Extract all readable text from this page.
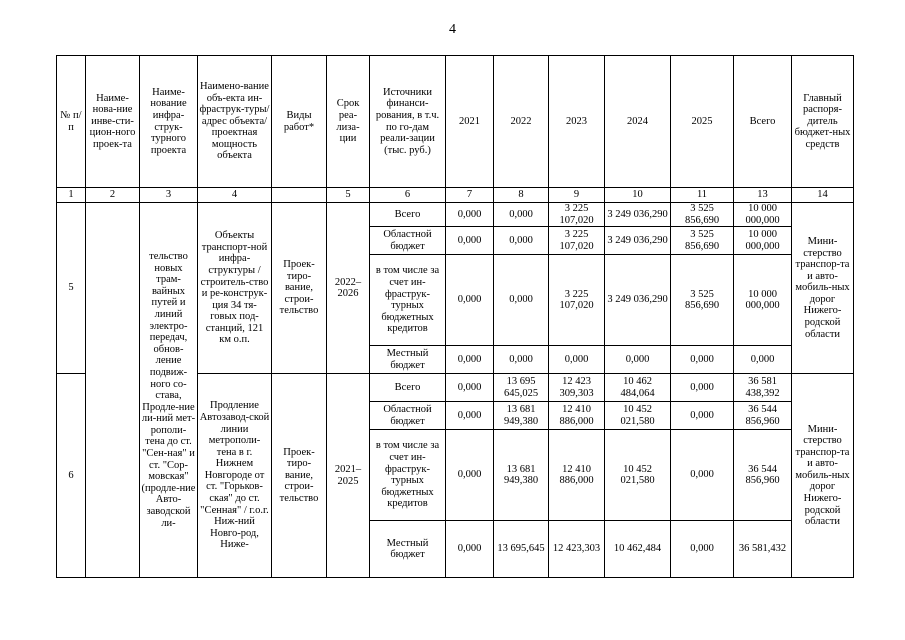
4
№ п/п	Наиме-нова-ние инве-сти-цион-ного проек-та	Наиме-нование инфра-струк-турного проекта	Наимено-вание объ-екта ин-фраструк-туры/ адрес объекта/ проектная мощность объекта	Виды работ*	Срок реа-лиза-ции	Источники финанси-рования, в т.ч. по го-дам реали-зации (тыс. руб.)	2021	2022	2023	2024	2025	Всего	Главный распоря-дитель бюджет-ных средств
1	2	3	4		5	6	7	8	9	10	11	13	14
5		тельство новых трам-вайных путей и линий электро-передач, обнов-ление подвиж-ного со-става, Продле-ние ли-ний мет-рополи-тена до ст. "Сен-ная" и ст. "Сор-мовская" (продле-ние Авто-заводской ли-	Объекты транспорт-ной инфра-структуры / строитель-ство и ре-конструк-ция 34 тя-говых под-станций, 121 км о.п.	Проек-тиро-вание, строи-тельство	2022–2026	Всего	0,000	0,000	3 225 107,020	3 249 036,290	3 525 856,690	10 000 000,000	Мини-стерство транспор-та и авто-мобиль-ных дорог Нижего-родской области
						Областной бюджет	0,000	0,000	3 225 107,020	3 249 036,290	3 525 856,690	10 000 000,000	
						в том числе за счет ин-фраструк-турных бюджетных кредитов	0,000	0,000	3 225 107,020	3 249 036,290	3 525 856,690	10 000 000,000	
						Местный бюджет	0,000	0,000	0,000	0,000	0,000	0,000	
6			Продление Автозавод-ской линии метрополи-тена в г. Нижнем Новгороде от ст. "Горьков-ская" до ст. "Сенная" / г.о.г. Ниж-ний Новго-род, Ниже-	Проек-тиро-вание, строи-тельство	2021–2025	Всего	0,000	13 695 645,025	12 423 309,303	10 462 484,064	0,000	36 581 438,392	Мини-стерство транспор-та и авто-мобиль-ных дорог Нижего-родской области
						Областной бюджет	0,000	13 681 949,380	12 410 886,000	10 452 021,580	0,000	36 544 856,960	
						в том числе за счет ин-фраструк-турных бюджетных кредитов	0,000	13 681 949,380	12 410 886,000	10 452 021,580	0,000	36 544 856,960	
						Местный бюджет	0,000	13 695,645	12 423,303	10 462,484	0,000	36 581,432	
